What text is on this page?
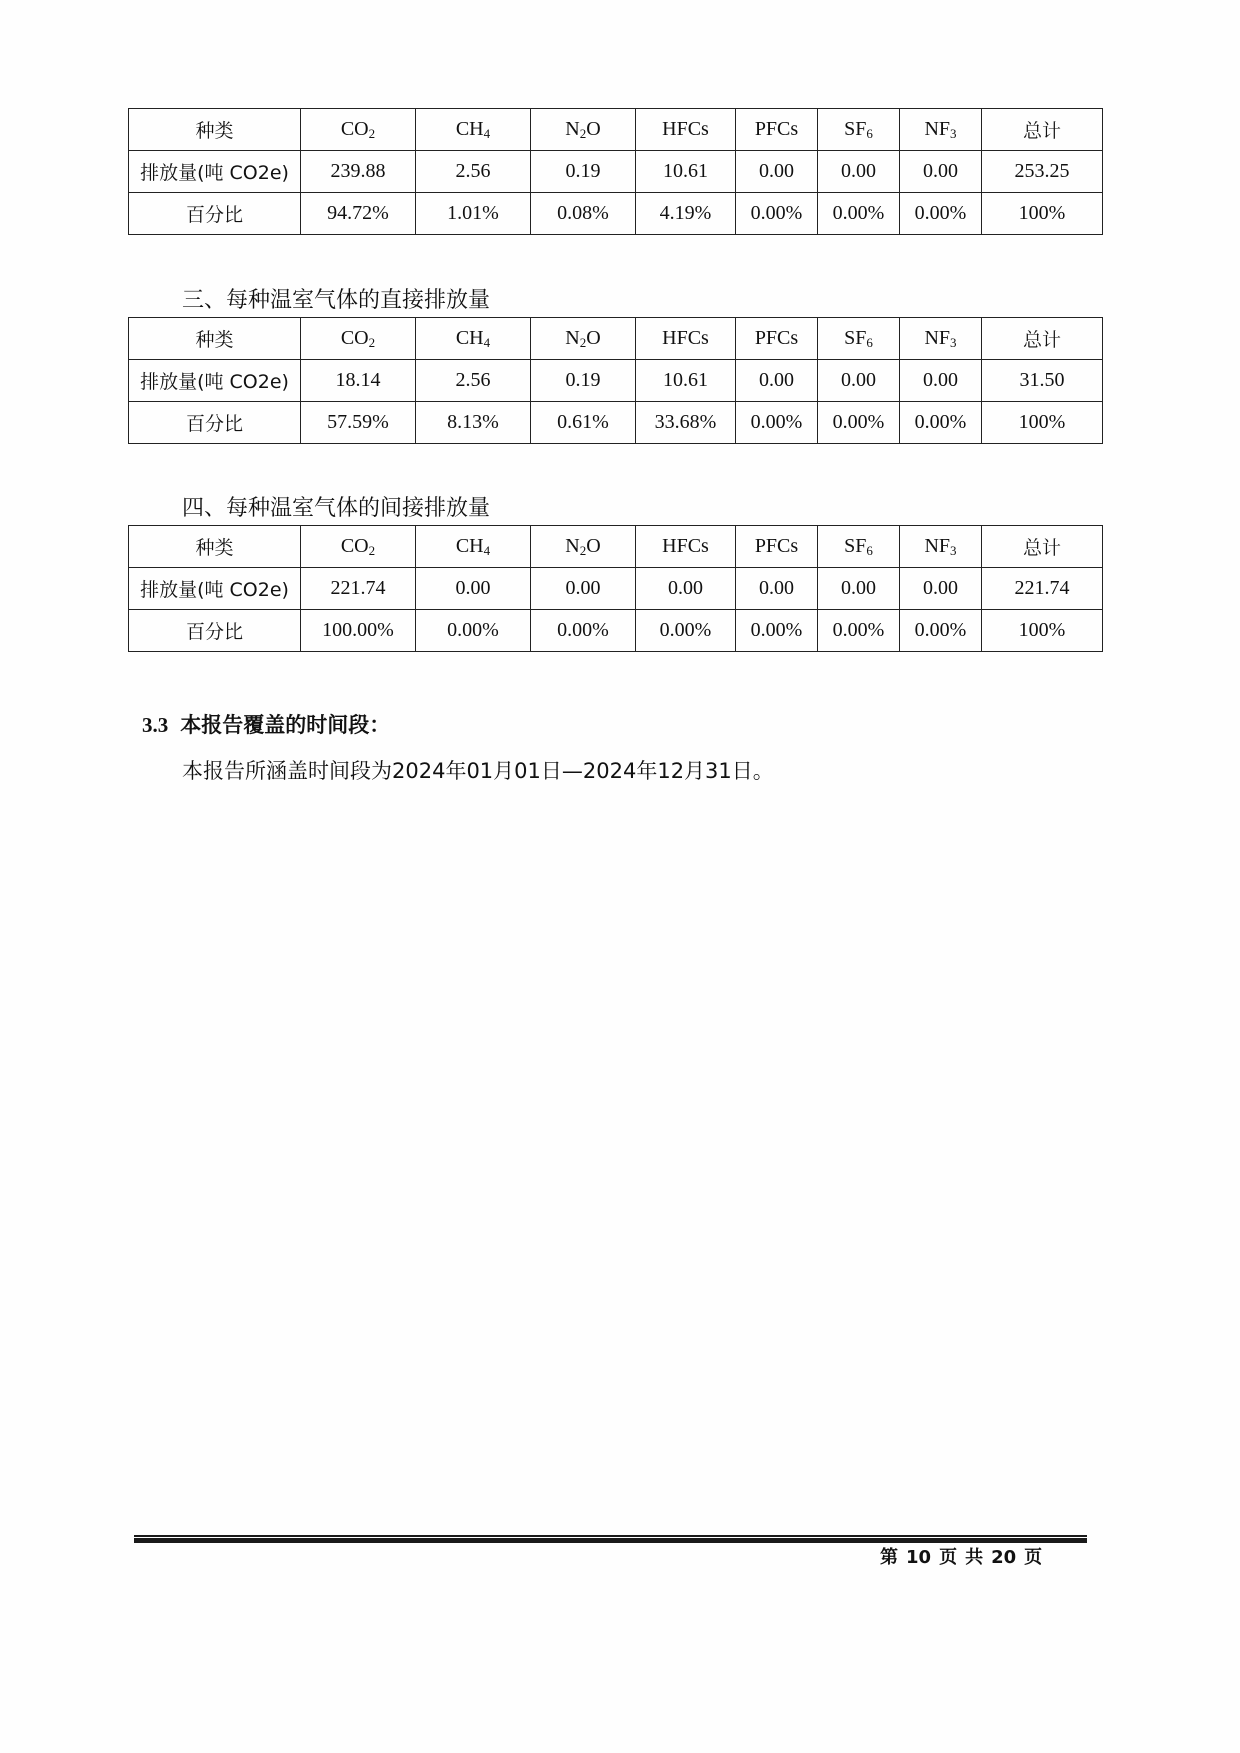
种类	$CO_2$	$CH_4$	$N_2O$	HFCs	PFCs	$SF_6$	$NF_3$	总计
排放量(吨 CO2e)	239.88	2.56	0.19	10.61	0.00	0.00	0.00	253.25
百分比	94.72%	1.01%	0.08%	4.19%	0.00%	0.00%	0.00%	100%
三、每种温室气体的直接排放量
种类	$CO_2$	$CH_4$	$N_2O$	HFCs	PFCs	$SF_6$	$NF_3$	总计
排放量(吨 CO2e)	18.14	2.56	0.19	10.61	0.00	0.00	0.00	31.50
百分比	57.59%	8.13%	0.61%	33.68%	0.00%	0.00%	0.00%	100%
四、每种温室气体的间接排放量
种类	$CO_2$	$CH_4$	$N_2O$	HFCs	PFCs	$SF_6$	$NF_3$	总计
排放量(吨 CO2e)	221.74	0.00	0.00	0.00	0.00	0.00	0.00	221.74
百分比	100.00%	0.00%	0.00%	0.00%	0.00%	0.00%	0.00%	100%
3.3 本报告覆盖的时间段：
本报告所涵盖时间段为2024年01月01日—2024年12月31日。
第 10 页 共 20 页
